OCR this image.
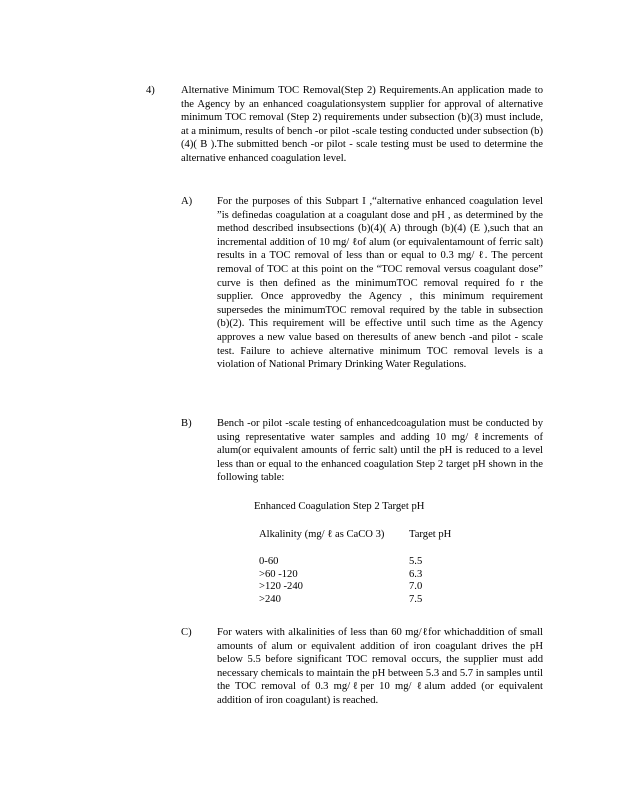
4) Alternative Minimum TOC Removal(Step 2) Requirements.An application made to the Agency by an enhanced coagulationsystem supplier for approval of alternative minimum TOC removal (Step 2) requirements under subsection (b)(3) must include, at a minimum, results of bench -or pilot -scale testing conducted under subsection (b)(4)( B ).The submitted bench -or pilot - scale testing must be used to determine the alternative enhanced coagulation level.

A) For the purposes of this Subpart I ,“alternative enhanced coagulation level ”is definedas coagulation at a coagulant dose and pH , as determined by the method described insubsections (b)(4)( A) through (b)(4) (E ),such that an incremental addition of 10 mg/ ℓof alum (or equivalentamount of ferric salt) results in a TOC removal of less than or equal to 0.3 mg/ ℓ. The percent removal of TOC at this point on the “TOC removal versus coagulant dose” curve is then defined as the minimumTOC removal required fo r the supplier. Once approvedby the Agency , this minimum requirement supersedes the minimumTOC removal required by the table in subsection (b)(2). This requirement will be effective until such time as the Agency approves a new value based on theresults of anew bench -and pilot - scale test. Failure to achieve alternative minimum TOC removal levels is a violation of National Primary Drinking Water Regulations.

B) Bench -or pilot -scale testing of enhancedcoagulation must be conducted by using representative water samples and adding 10 mg/ ℓincrements of alum(or equivalent amounts of ferric salt) until the pH is reduced to a level less than or equal to the enhanced coagulation Step 2 target pH shown in the following table:

Enhanced Coagulation Step 2 Target pH
Alkalinity (mg/ ℓ as CaCO 3) Target pH
0-60
>60 -120
>120 -240
>240
5.5
6.3
7.0
7.5
C) For waters with alkalinities of less than 60 mg/ℓfor whichaddition of small amounts of alum or equivalent addition of iron coagulant drives the pH below 5.5 before significant TOC removal occurs, the supplier must add necessary chemicals to maintain the pH between 5.3 and 5.7 in samples until the TOC removal of 0.3 mg/ℓper 10 mg/ ℓalum added (or equivalent addition of iron coagulant) is reached.
